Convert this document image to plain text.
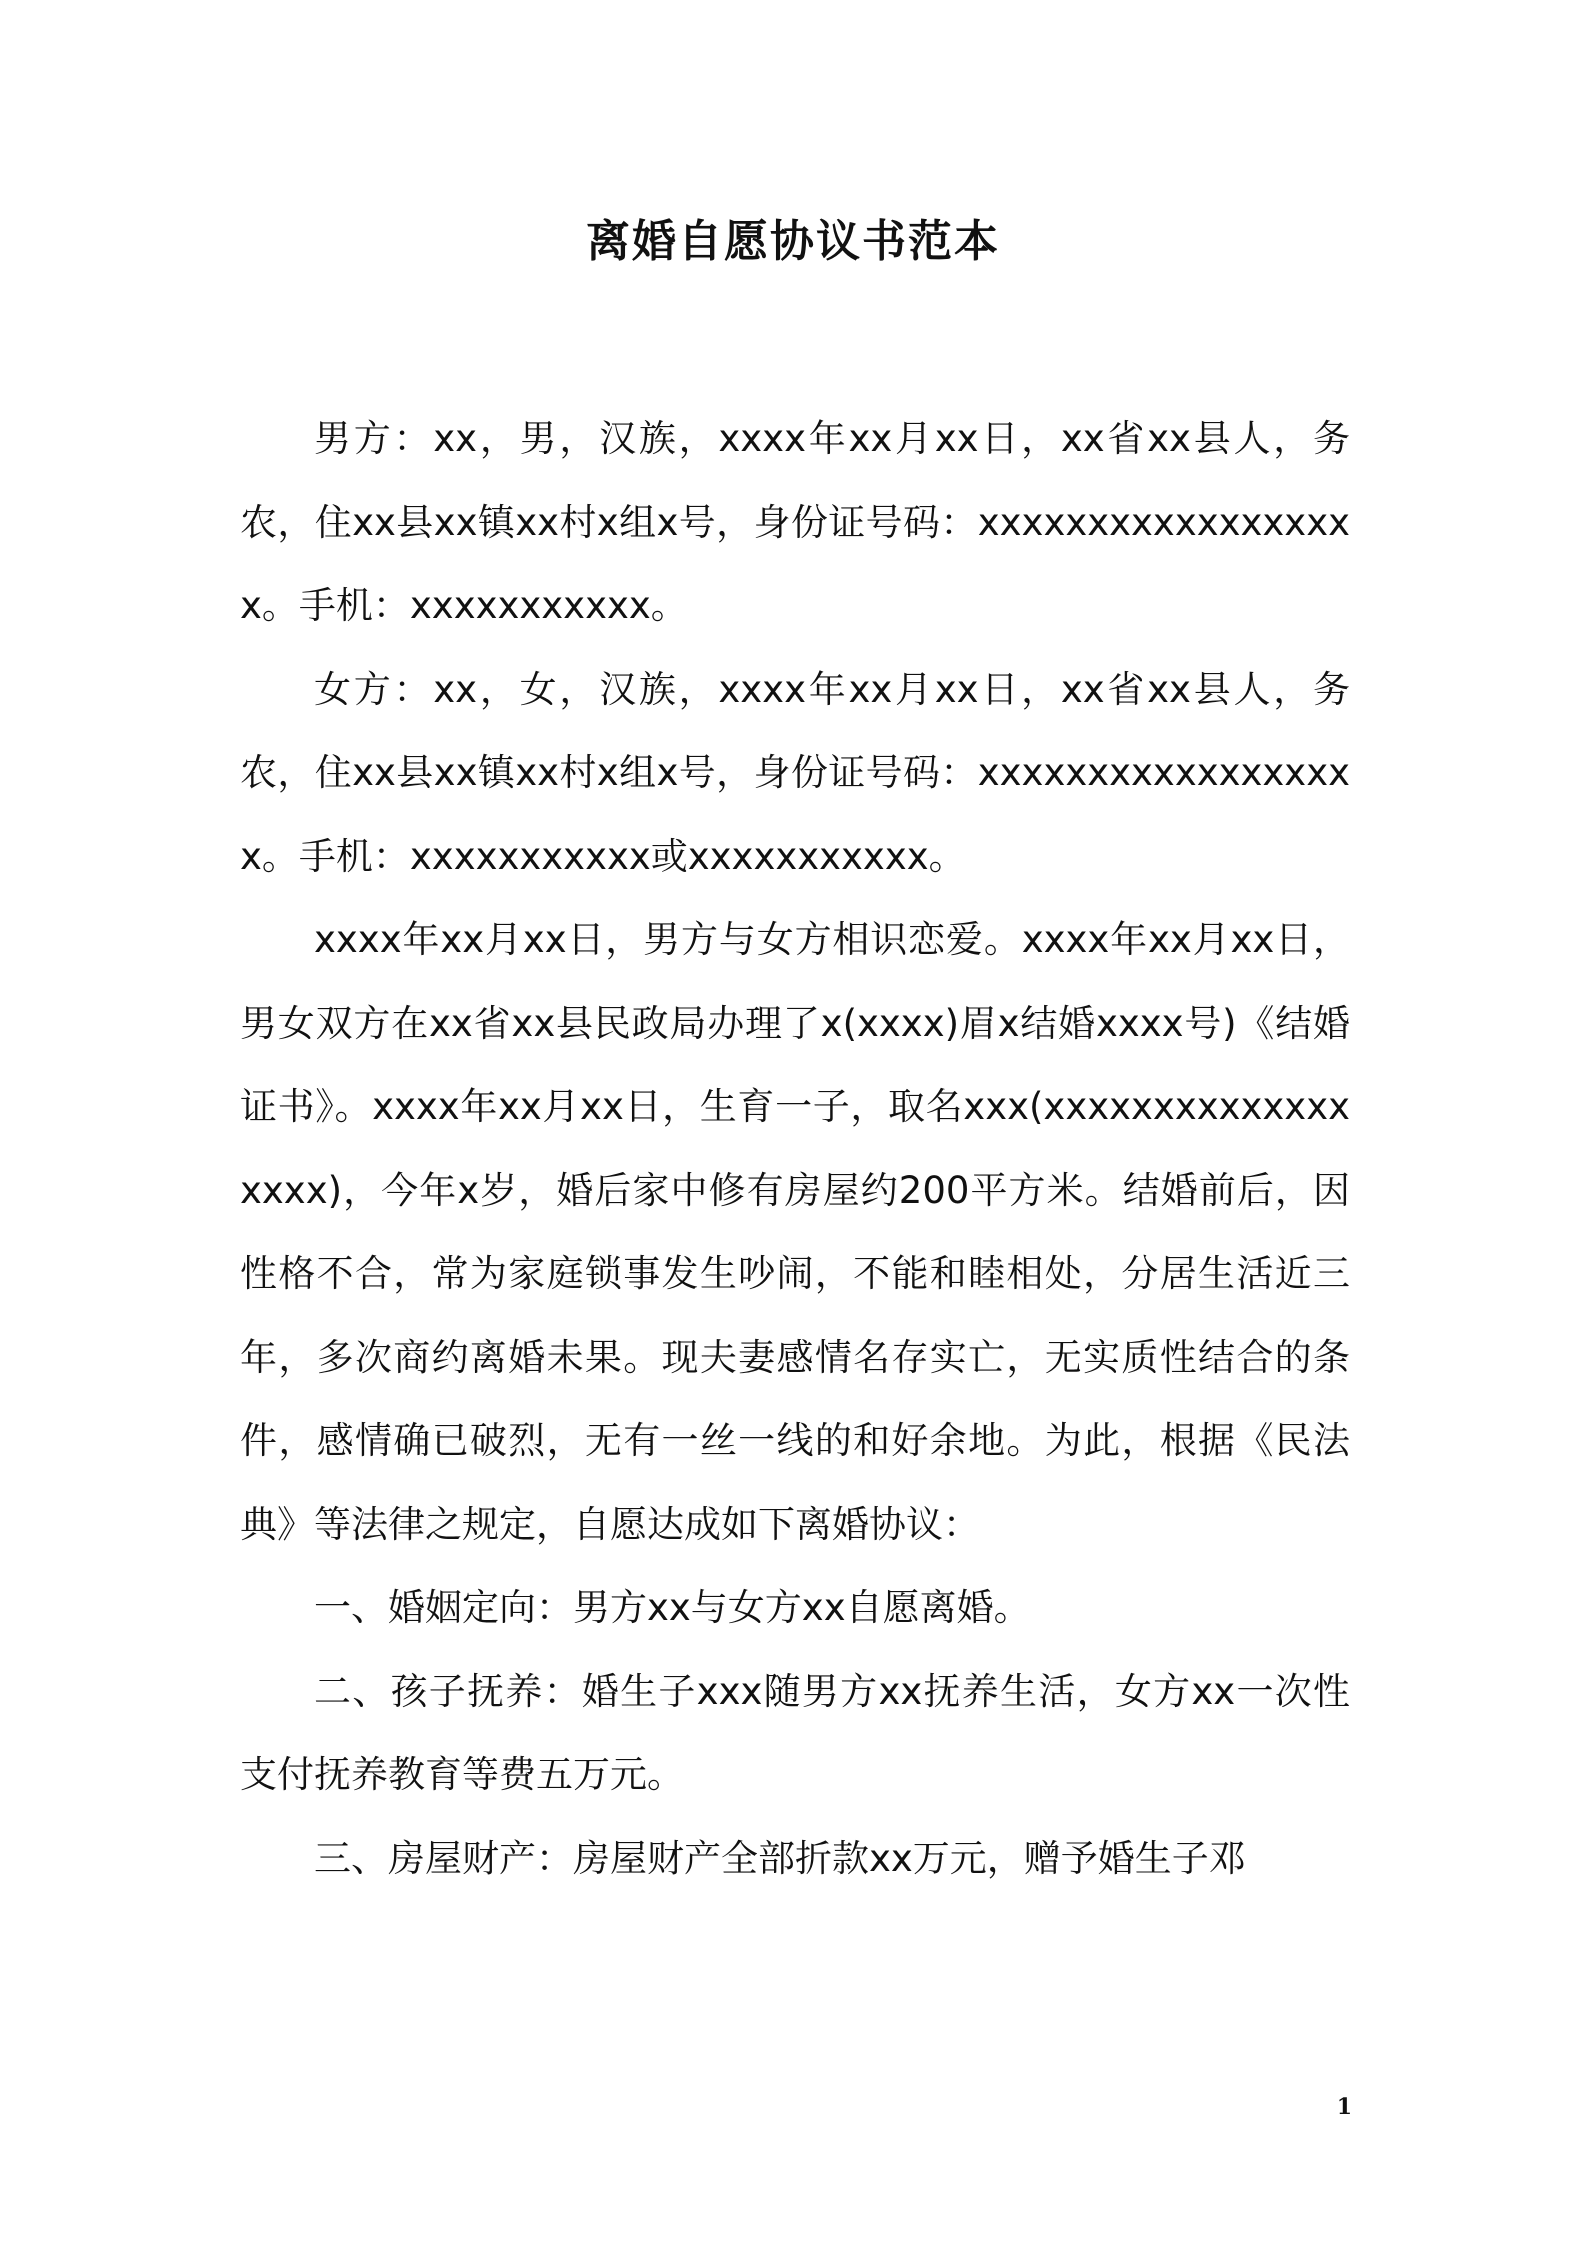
离婚自愿协议书范本

男方：xx，男，汉族，xxxx年xx月xx日，xx省xx县人，务农，住xx县xx镇xx村x组x号，身份证号码：xxxxxxxxxxxxxxxxxx。手机：xxxxxxxxxxx。

女方：xx，女，汉族，xxxx年xx月xx日，xx省xx县人，务农，住xx县xx镇xx村x组x号，身份证号码：xxxxxxxxxxxxxxxxxx。手机：xxxxxxxxxxx或xxxxxxxxxxx。

xxxx年xx月xx日，男方与女方相识恋爱。xxxx年xx月xx日，男女双方在xx省xx县民政局办理了x(xxxx)眉x结婚xxxx号)《结婚证书》。xxxx年xx月xx日，生育一子，取名xxx(xxxxxxxxxxxxxxxxxx)，今年x岁，婚后家中修有房屋约200平方米。结婚前后，因性格不合，常为家庭锁事发生吵闹，不能和睦相处，分居生活近三年，多次商约离婚未果。现夫妻感情名存实亡，无实质性结合的条件，感情确已破烈，无有一丝一线的和好余地。为此，根据《民法典》等法律之规定，自愿达成如下离婚协议：

一、婚姻定向：男方xx与女方xx自愿离婚。

二、孩子抚养：婚生子xxx随男方xx抚养生活，女方xx一次性支付抚养教育等费五万元。

三、房屋财产：房屋财产全部折款xx万元，赠予婚生子邓

1
